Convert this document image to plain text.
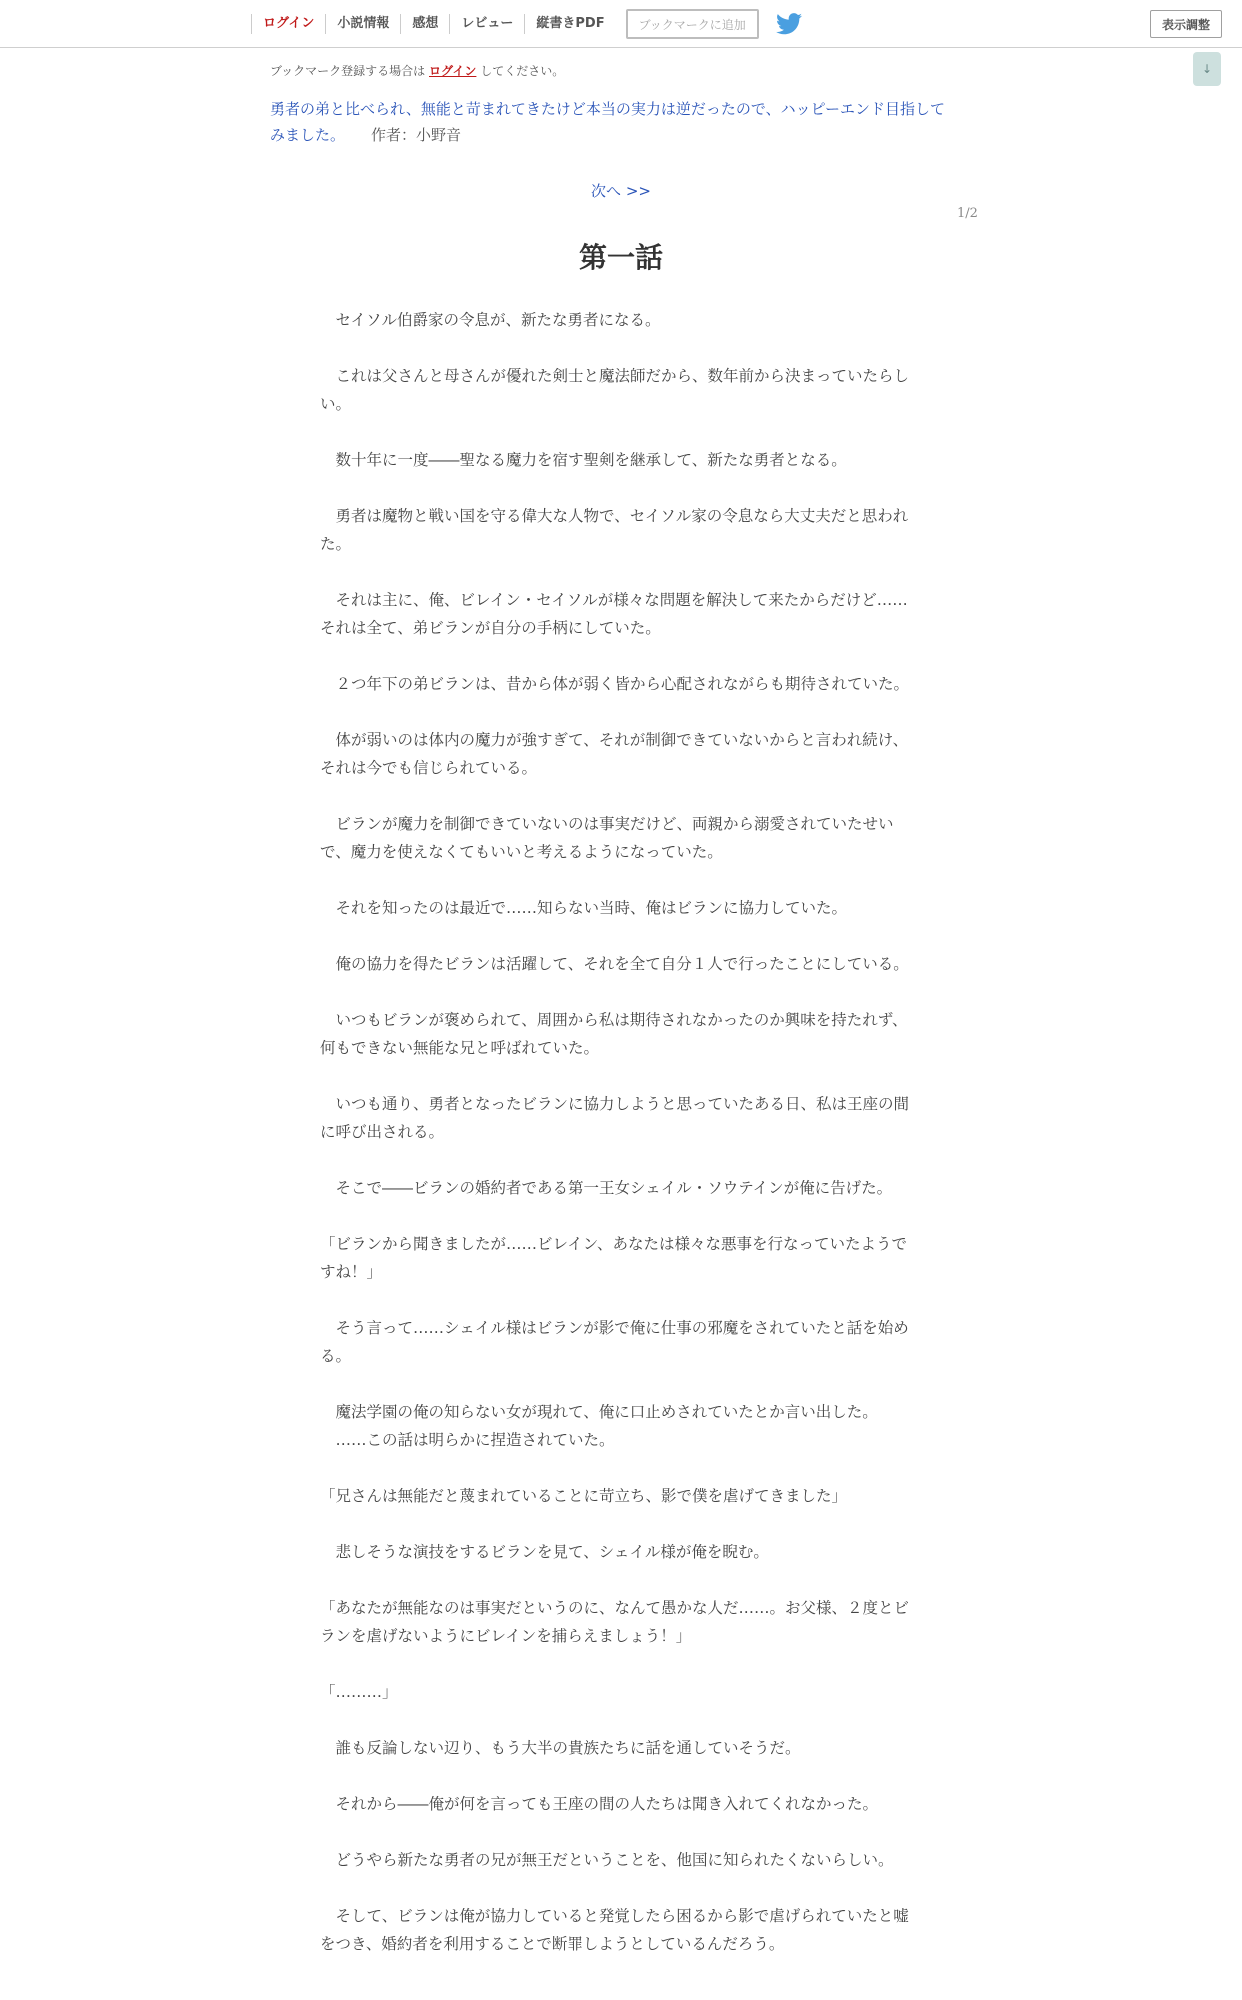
ログイン	小説情報	感想	レビュー	縦書きPDF	ブックマークに追加	表示調整
↓
ブックマーク登録する場合は ログイン してください。
勇者の弟と比べられ、無能と苛まれてきたけど本当の実力は逆だったので、ハッピーエンド目指してみました。 作者：小野音
次へ >>
1/2
第一話

　セイソル伯爵家の令息が、新たな勇者になる。

　これは父さんと母さんが優れた剣士と魔法師だから、数年前から決まっていたらしい。

　数十年に一度――聖なる魔力を宿す聖剣を継承して、新たな勇者となる。

　勇者は魔物と戦い国を守る偉大な人物で、セイソル家の令息なら大丈夫だと思われた。

　それは主に、俺、ビレイン・セイソルが様々な問題を解決して来たからだけど……それは全て、弟ビランが自分の手柄にしていた。

　２つ年下の弟ビランは、昔から体が弱く皆から心配されながらも期待されていた。

　体が弱いのは体内の魔力が強すぎて、それが制御できていないからと言われ続け、それは今でも信じられている。

　ビランが魔力を制御できていないのは事実だけど、両親から溺愛されていたせいで、魔力を使えなくてもいいと考えるようになっていた。

　それを知ったのは最近で……知らない当時、俺はビランに協力していた。

　俺の協力を得たビランは活躍して、それを全て自分１人で行ったことにしている。

　いつもビランが褒められて、周囲から私は期待されなかったのか興味を持たれず、何もできない無能な兄と呼ばれていた。

　いつも通り、勇者となったビランに協力しようと思っていたある日、私は王座の間に呼び出される。

　そこで――ビランの婚約者である第一王女シェイル・ソウテインが俺に告げた。

「ビランから聞きましたが……ビレイン、あなたは様々な悪事を行なっていたようですね！」

　そう言って……シェイル様はビランが影で俺に仕事の邪魔をされていたと話を始める。

　魔法学園の俺の知らない女が現れて、俺に口止めされていたとか言い出した。

　……この話は明らかに捏造されていた。

「兄さんは無能だと蔑まれていることに苛立ち、影で僕を虐げてきました」

　悲しそうな演技をするビランを見て、シェイル様が俺を睨む。

「あなたが無能なのは事実だというのに、なんて愚かな人だ……。お父様、２度とビランを虐げないようにビレインを捕らえましょう！」

「………」

　誰も反論しない辺り、もう大半の貴族たちに話を通していそうだ。

　それから――俺が何を言っても王座の間の人たちは聞き入れてくれなかった。

　どうやら新たな勇者の兄が無王だということを、他国に知られたくないらしい。

　そして、ビランは俺が協力していると発覚したら困るから影で虐げられていたと嘘をつき、婚約者を利用することで断罪しようとしているんだろう。
